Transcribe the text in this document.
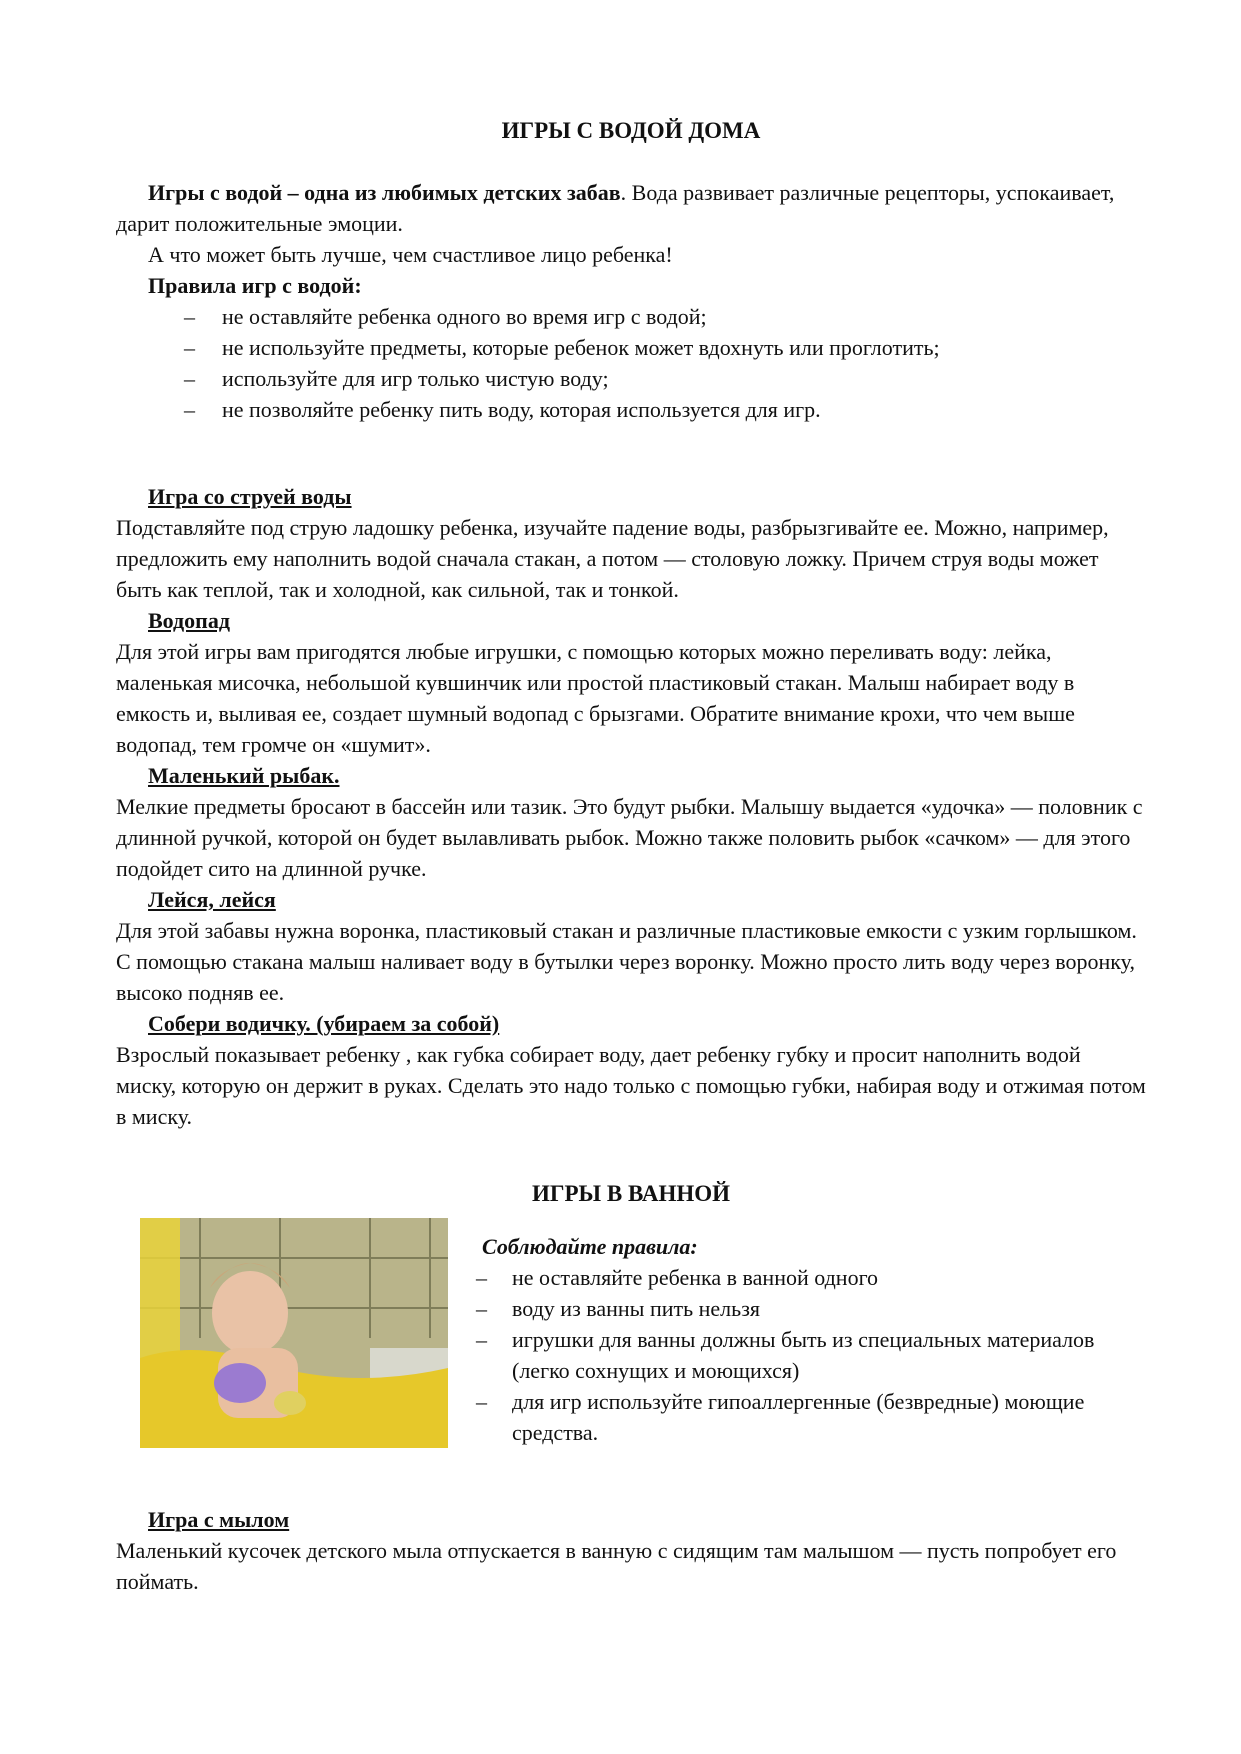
ИГРЫ С ВОДОЙ ДОМА

Игры с водой – одна из любимых детских забав. Вода развивает различные рецепторы, успокаивает, дарит положительные эмоции.

А что может быть лучше, чем счастливое лицо ребенка!

Правила игр с водой:
– не оставляйте ребенка одного во время игр с водой;
– не используйте предметы, которые ребенок может вдохнуть или проглотить;
– используйте для игр только чистую воду;
– не позволяйте ребенку пить воду, которая используется для игр.
Игра со струей воды

Подставляйте под струю ладошку ребенка, изучайте падение воды, разбрызгивайте ее. Можно, например, предложить ему наполнить водой сначала стакан, а потом — столовую ложку. Причем струя воды может быть как теплой, так и холодной, как сильной, так и тонкой.

Водопад

Для этой игры вам пригодятся любые игрушки, с помощью которых можно переливать воду: лейка, маленькая мисочка, небольшой кувшинчик или простой пластиковый стакан. Малыш набирает воду в емкость и, выливая ее, создает шумный водопад с брызгами. Обратите внимание крохи, что чем выше водопад, тем громче он «шумит».

Маленький рыбак.

Мелкие предметы бросают в бассейн или тазик. Это будут рыбки. Малышу выдается «удочка» — половник с длинной ручкой, которой он будет вылавливать рыбок. Можно также половить рыбок «сачком» — для этого подойдет сито на длинной ручке.

Лейся, лейся

Для этой забавы нужна воронка, пластиковый стакан и различные пластиковые емкости с узким горлышком. С помощью стакана малыш наливает воду в бутылки через воронку. Можно просто лить воду через воронку, высоко подняв ее.

Собери водичку. (убираем за собой)

Взрослый показывает ребенку , как губка собирает воду, дает ребенку губку и просит наполнить водой миску, которую он держит в руках. Сделать это надо только с помощью губки, набирая воду и отжимая потом в миску.

ИГРЫ В ВАННОЙ
Соблюдайте правила:
– не оставляйте ребенка в ванной одного
– воду из ванны пить нельзя
– игрушки для ванны должны быть из специальных материалов (легко сохнущих и моющихся)
– для игр используйте гипоаллергенные (безвредные) моющие средства.
Игра с мылом

Маленький кусочек детского мыла отпускается в ванную с сидящим там малышом — пусть попробует его поймать.
